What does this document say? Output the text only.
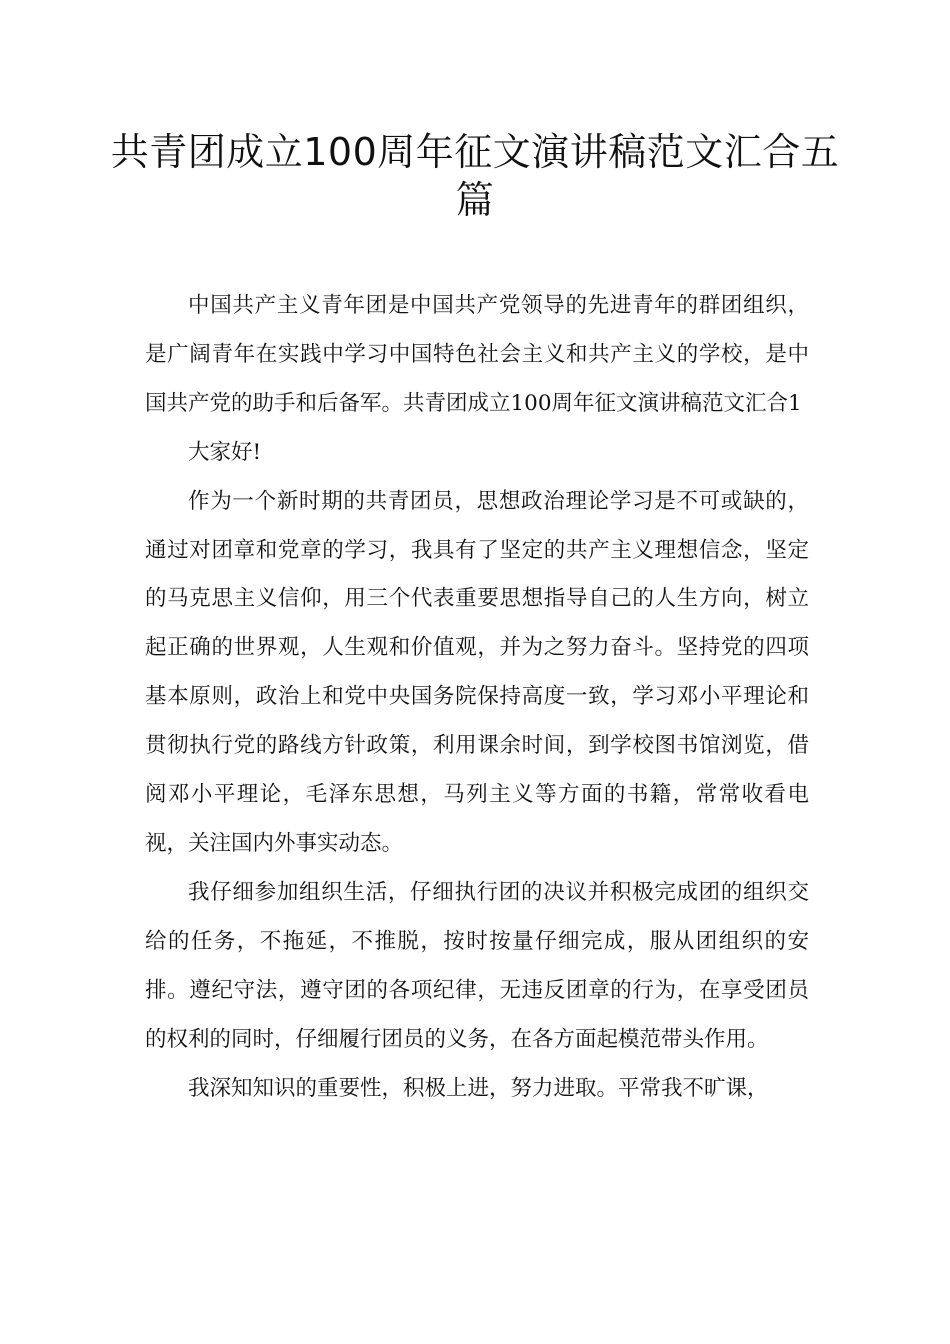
共青团成立100周年征文演讲稿范文汇合五篇

中国共产主义青年团是中国共产党领导的先进青年的群团组织，是广阔青年在实践中学习中国特色社会主义和共产主义的学校，是中国共产党的助手和后备军。共青团成立100周年征文演讲稿范文汇合1

大家好!

作为一个新时期的共青团员，思想政治理论学习是不可或缺的，通过对团章和党章的学习，我具有了坚定的共产主义理想信念，坚定的马克思主义信仰，用三个代表重要思想指导自己的人生方向，树立起正确的世界观，人生观和价值观，并为之努力奋斗。坚持党的四项基本原则，政治上和党中央国务院保持高度一致，学习邓小平理论和贯彻执行党的路线方针政策，利用课余时间，到学校图书馆浏览，借阅邓小平理论，毛泽东思想，马列主义等方面的书籍，常常收看电视，关注国内外事实动态。

我仔细参加组织生活，仔细执行团的决议并积极完成团的组织交给的任务，不拖延，不推脱，按时按量仔细完成，服从团组织的安排。遵纪守法，遵守团的各项纪律，无违反团章的行为，在享受团员的权利的同时，仔细履行团员的义务，在各方面起模范带头作用。

我深知知识的重要性，积极上进，努力进取。平常我不旷课，
